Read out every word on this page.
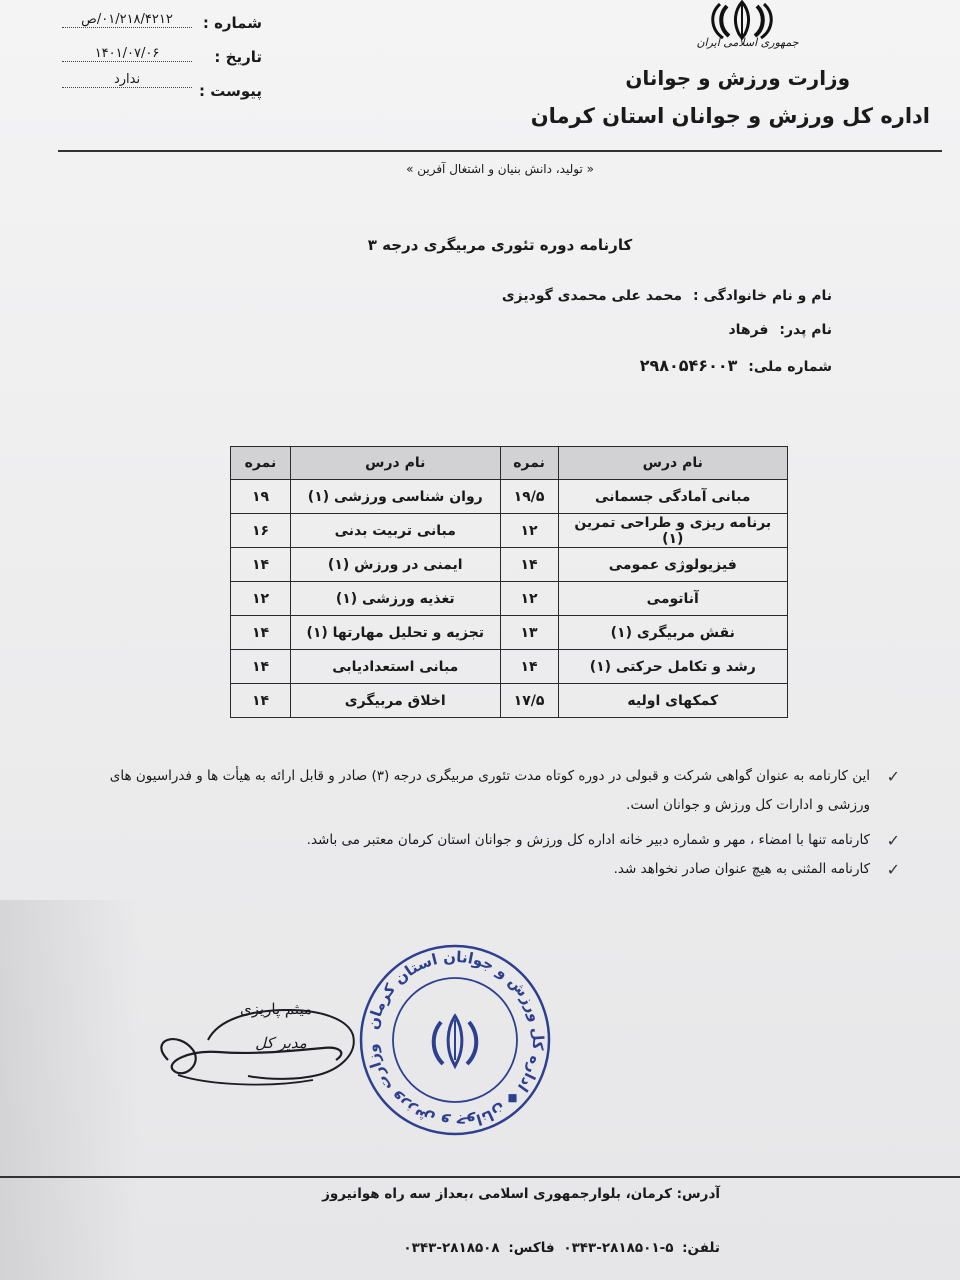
جمهوری اسلامی ایران
شماره :
۰۱/۲۱۸/۴۲۱۲/ص
تاریخ :
۱۴۰۱/۰۷/۰۶
پیوست :
ندارد	وزارت ورزش و جوانان
اداره کل ورزش و جوانان استان کرمان
« تولید، دانش بنیان و اشتغال آفرین »
کارنامه دوره تئوری مربیگری درجه ۳
نام و نام خانوادگی : محمد علی محمدی گودیزی
نام پدر: فرهاد
شماره ملی: ۲۹۸۰۵۴۶۰۰۳
نام درس	نمره	نام درس	نمره
مبانی آمادگی جسمانی	۱۹/۵	روان شناسی ورزشی (۱)	۱۹
برنامه ریزی و طراحی تمرین (۱)	۱۲	مبانی تربیت بدنی	۱۶
فیزیولوژی عمومی	۱۴	ایمنی در ورزش (۱)	۱۴
آناتومی	۱۲	تغذیه ورزشی (۱)	۱۲
نقش مربیگری (۱)	۱۳	تجزیه و تحلیل مهارتها (۱)	۱۴
رشد و تکامل حرکتی (۱)	۱۴	مبانی استعدادیابی	۱۴
کمکهای اولیه	۱۷/۵	اخلاق مربیگری	۱۴
✓
این کارنامه به عنوان گواهی شرکت و قبولی در دوره کوتاه مدت تئوری مربیگری درجه (۳) صادر و قابل ارائه به هیأت ها و فدراسیون های ورزشی و ادارات کل ورزش و جوانان است.
✓
کارنامه تنها با امضاء ، مهر و شماره دبیر خانه اداره کل ورزش و جوانان استان کرمان معتبر می باشد.
✓
کارنامه المثنی به هیچ عنوان صادر نخواهد شد.
میثم پاریزی
مدیر کل
وزارت ورزش و جوانان ◆ اداره کل ورزش و جوانان استان کرمان
آدرس: کرمان، بلوارجمهوری اسلامی ،بعداز سه راه هوانیروز
تلفن: ۵-۲۸۱۸۵۰۱-۰۳۴۳ فاکس: ۲۸۱۸۵۰۸-۰۳۴۳
